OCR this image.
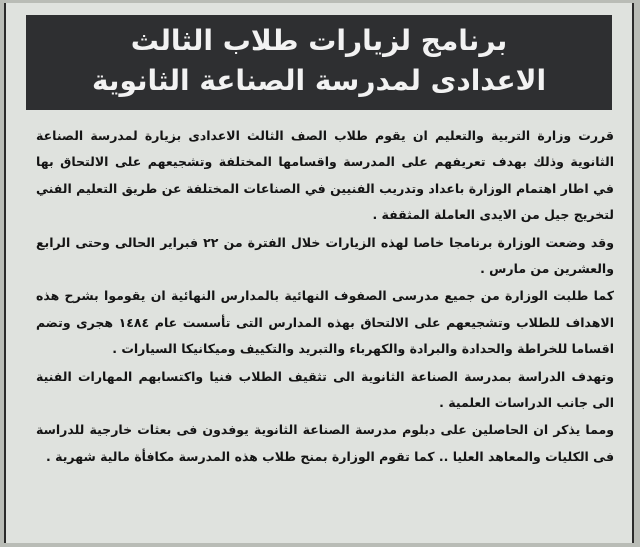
برنامج لزيارات طلاب الثالث
الاعدادى لمدرسة الصناعة الثانوية

قررت وزارة التربية والتعليم ان يقوم طلاب الصف الثالث الاعدادى بزيارة لمدرسة الصناعة الثانوية وذلك بهدف تعريفهم على المدرسة واقسامها المختلفة وتشجيعهم على الالتحاق بها في اطار اهتمام الوزارة باعداد وتدريب الفنيين في الصناعات المختلفة عن طريق التعليم الفني لتخريج جيل من الايدى العاملة المثقفة .

وقد وضعت الوزارة برنامجا خاصا لهذه الزيارات خلال الفترة من ٢٢ فبراير الحالى وحتى الرابع والعشرين من مارس .

كما طلبت الوزارة من جميع مدرسى الصفوف النهائية بالمدارس النهائية ان يقوموا بشرح هذه الاهداف للطلاب وتشجيعهم على الالتحاق بهذه المدارس التى تأسست عام ١٤٨٤ هجرى وتضم اقساما للخراطة والحدادة والبرادة والكهرباء والتبريد والتكييف وميكانيكا السيارات .

وتهدف الدراسة بمدرسة الصناعة الثانوية الى تثقيف الطلاب فنيا واكتسابهم المهارات الفنية الى جانب الدراسات العلمية .

ومما يذكر ان الحاصلين على دبلوم مدرسة الصناعة الثانوية يوفدون فى بعثات خارجية للدراسة فى الكليات والمعاهد العليا .. كما تقوم الوزارة بمنح طلاب هذه المدرسة مكافأة مالية شهرية .
